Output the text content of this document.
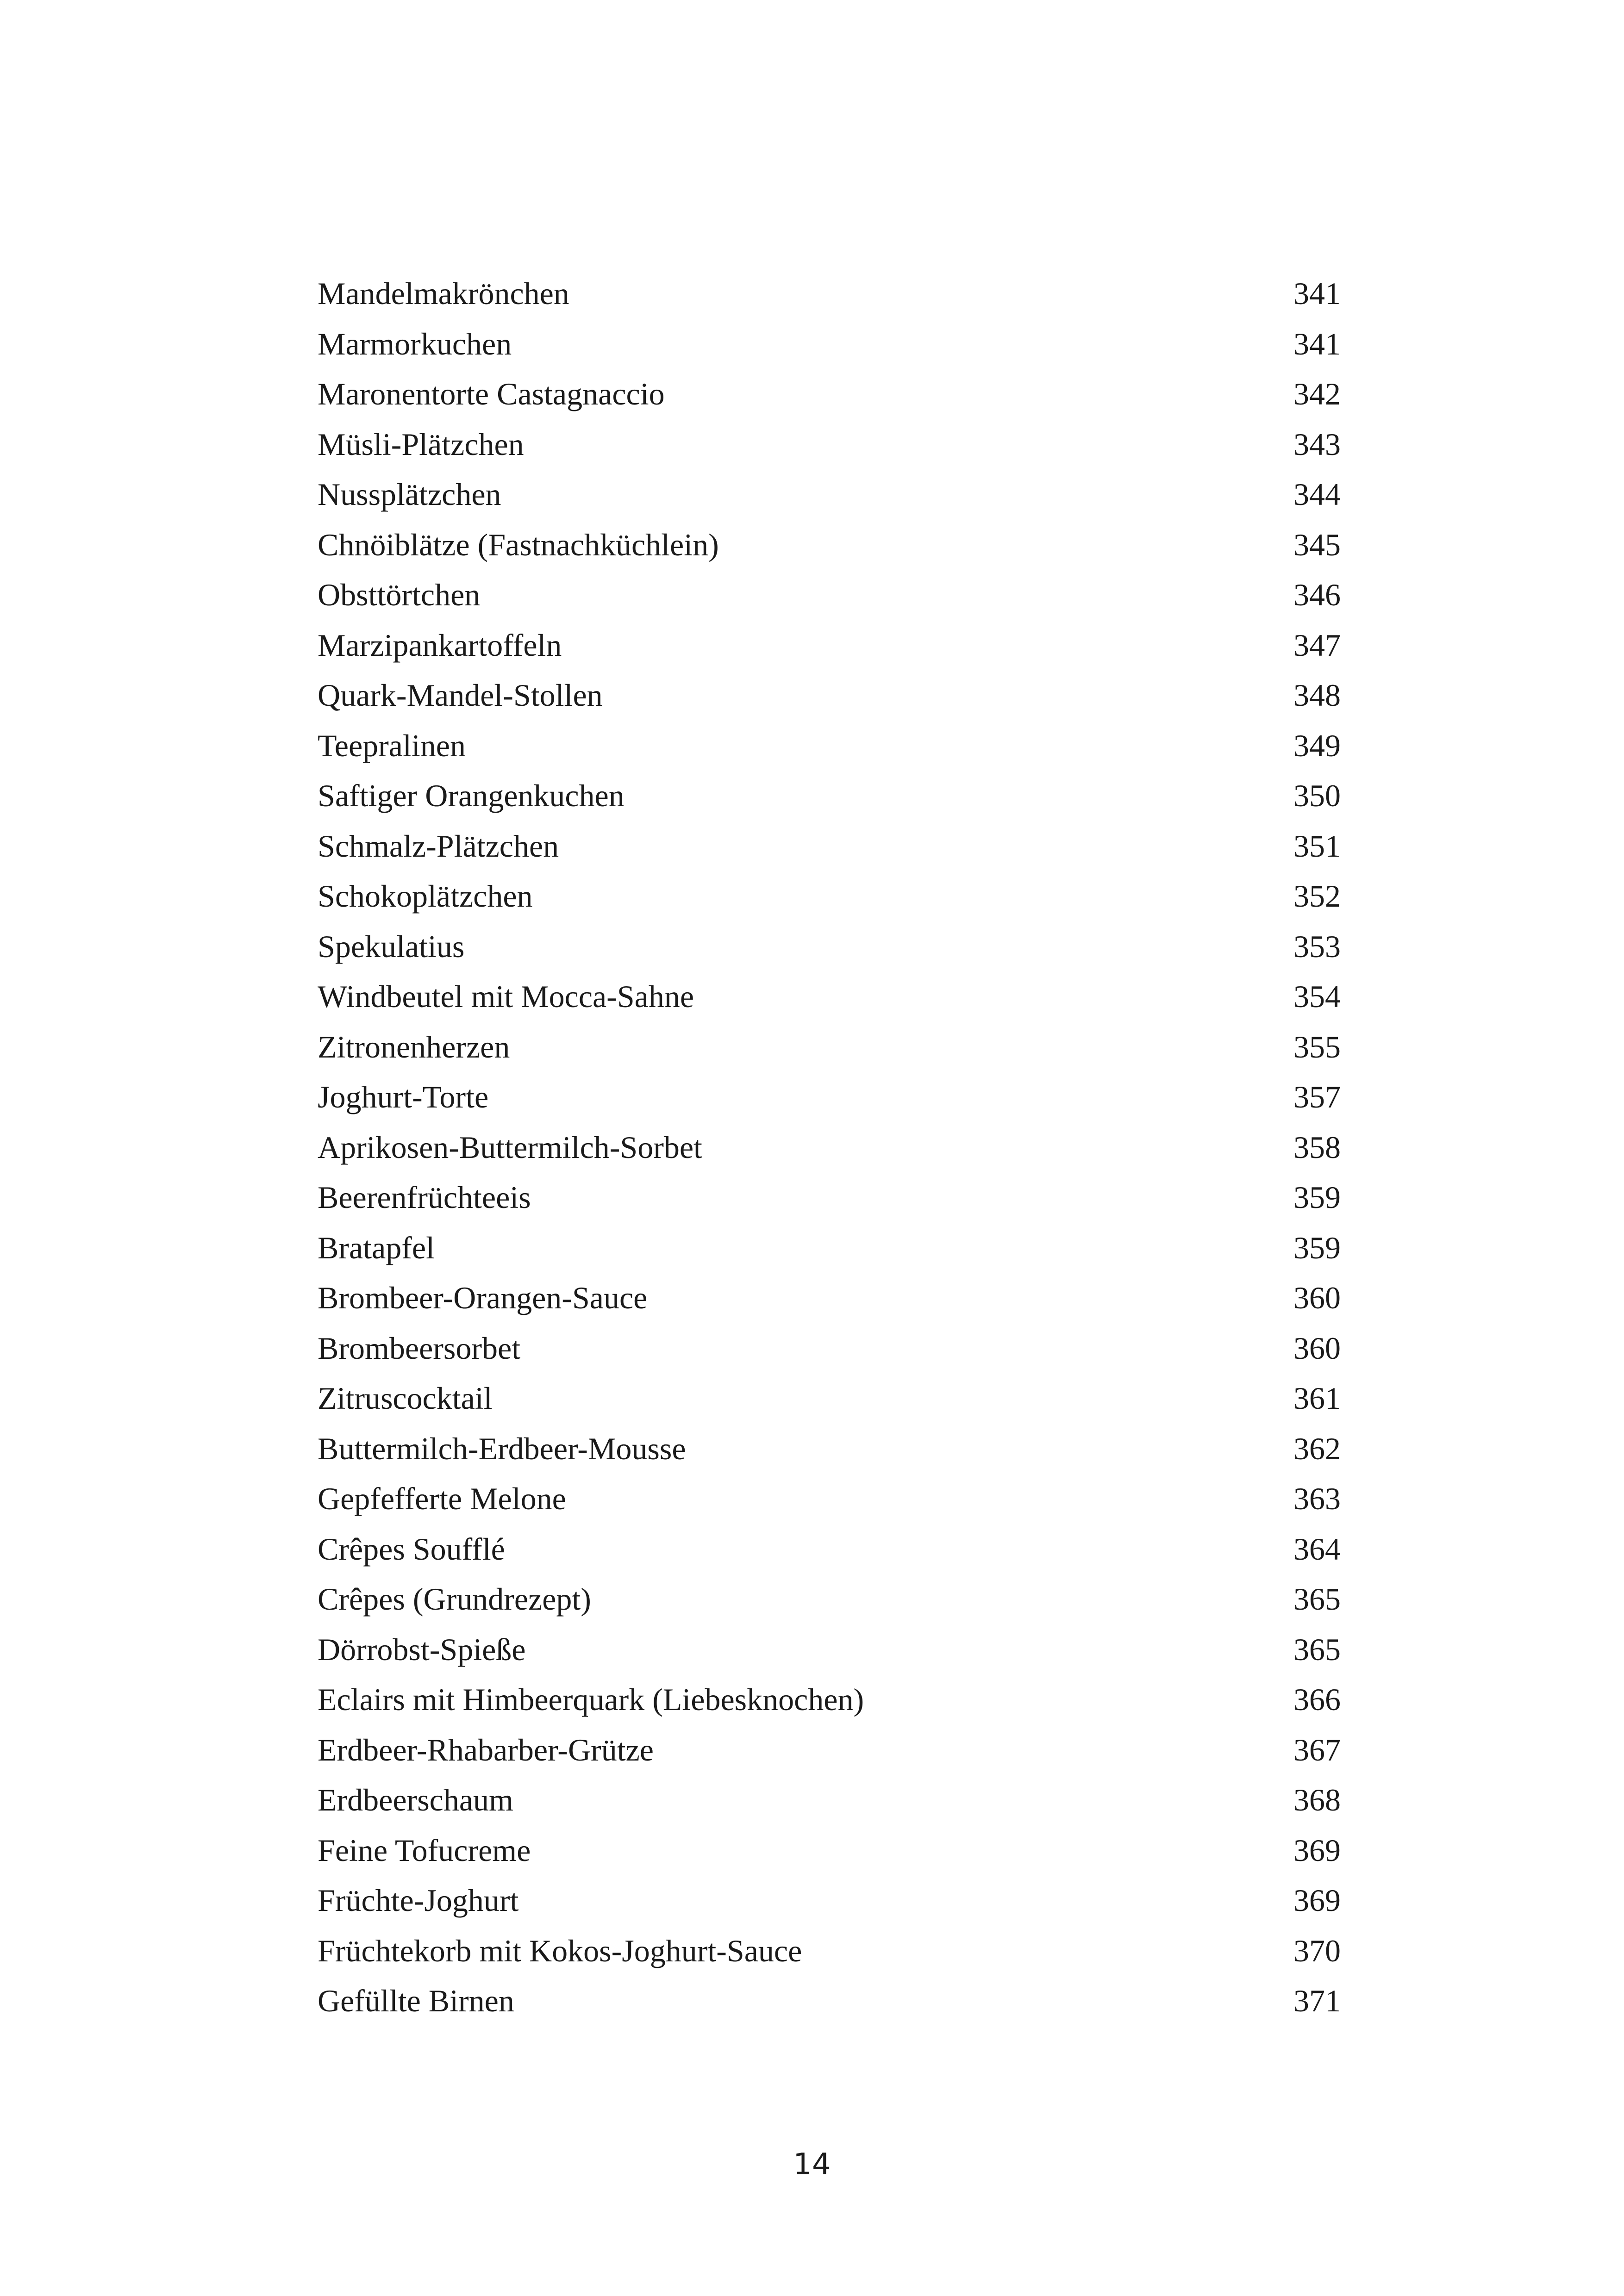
Mandelmakrönchen	341
Marmorkuchen	341
Maronentorte Castagnaccio	342
Müsli-Plätzchen	343
Nussplätzchen	344
Chnöiblätze (Fastnachküchlein)	345
Obsttörtchen	346
Marzipankartoffeln	347
Quark-Mandel-Stollen	348
Teepralinen	349
Saftiger Orangenkuchen	350
Schmalz-Plätzchen	351
Schokoplätzchen	352
Spekulatius	353
Windbeutel mit Mocca-Sahne	354
Zitronenherzen	355
Joghurt-Torte	357
Aprikosen-Buttermilch-Sorbet	358
Beerenfrüchteeis	359
Bratapfel	359
Brombeer-Orangen-Sauce	360
Brombeersorbet	360
Zitruscocktail	361
Buttermilch-Erdbeer-Mousse	362
Gepfefferte Melone	363
Crêpes Soufflé	364
Crêpes (Grundrezept)	365
Dörrobst-Spieße	365
Eclairs mit Himbeerquark (Liebesknochen)	366
Erdbeer-Rhabarber-Grütze	367
Erdbeerschaum	368
Feine Tofucreme	369
Früchte-Joghurt	369
Früchtekorb mit Kokos-Joghurt-Sauce	370
Gefüllte Birnen	371
14
